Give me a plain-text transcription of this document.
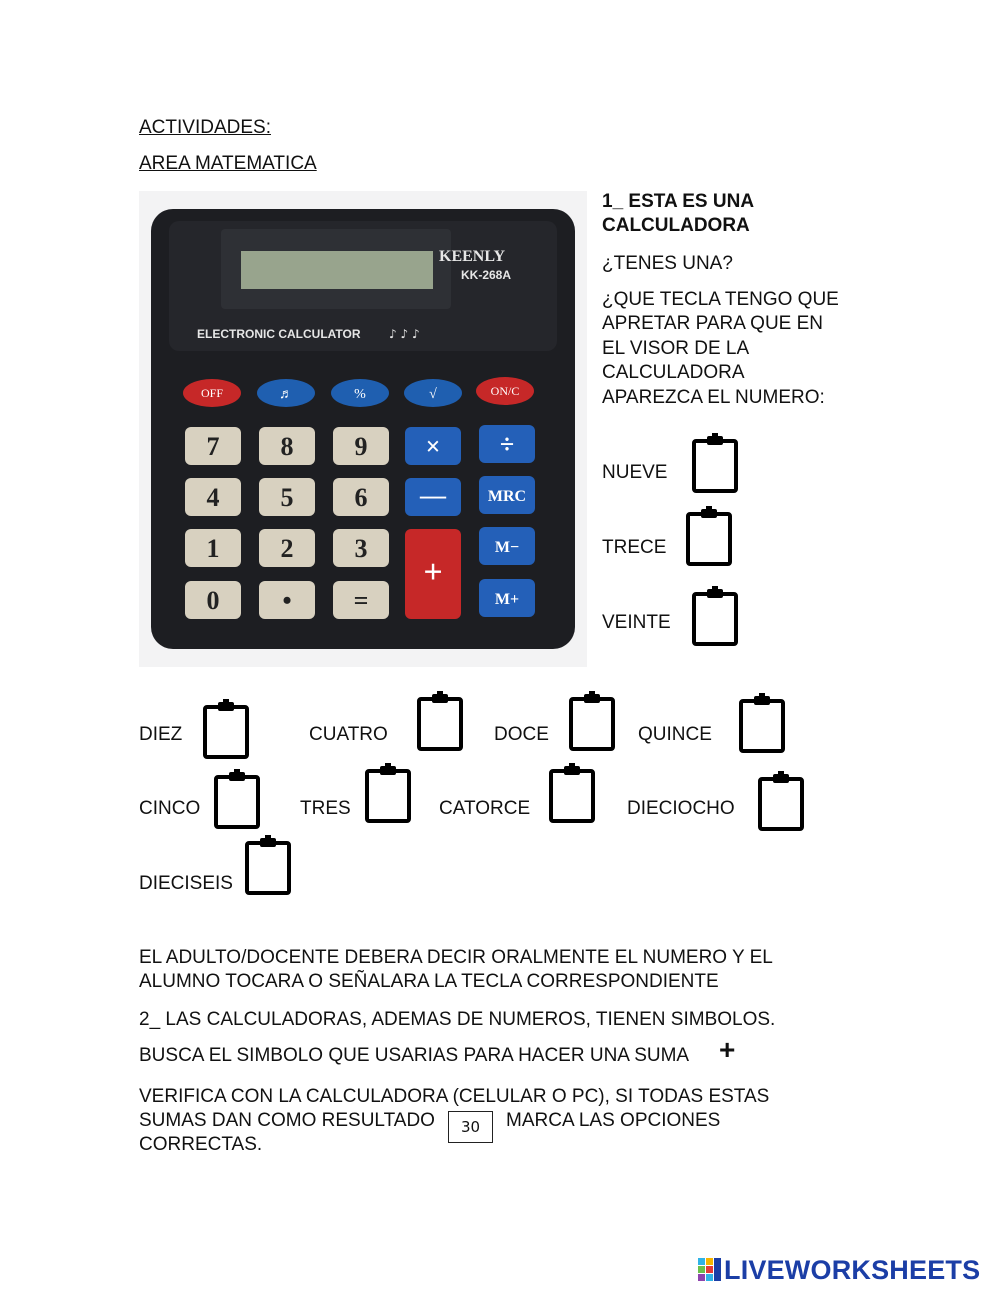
ACTIVIDADES:
AREA MATEMATICA
KEENLY
KK-268A
ELECTRONIC CALCULATOR ♪ ♪ ♪
OFF	♬	%	√	ON/C
7 8 9
4 5 6
1 2 3
0 • =
× ÷
—	MRC
+
M−
M+
1_ ESTA ES UNA
CALCULADORA
¿TENES UNA?
¿QUE TECLA TENGO QUE
APRETAR PARA QUE EN
EL VISOR DE LA
CALCULADORA
APAREZCA EL NUMERO:
NUEVE
TRECE
VEINTE
DIEZ	CUATRO	DOCE	QUINCE
CINCO	TRES	CATORCE	DIECIOCHO
DIECISEIS
EL ADULTO/DOCENTE DEBERA DECIR ORALMENTE EL NUMERO Y EL
ALUMNO TOCARA O SEÑALARA LA TECLA CORRESPONDIENTE
2_ LAS CALCULADORAS, ADEMAS DE NUMEROS, TIENEN SIMBOLOS.
BUSCA EL SIMBOLO QUE USARIAS PARA HACER UNA SUMA +
VERIFICA CON LA CALCULADORA (CELULAR O PC), SI TODAS ESTAS
SUMAS DAN COMO RESULTADO	30	MARCA LAS OPCIONES
CORRECTAS.
LIVEWORKSHEETS
